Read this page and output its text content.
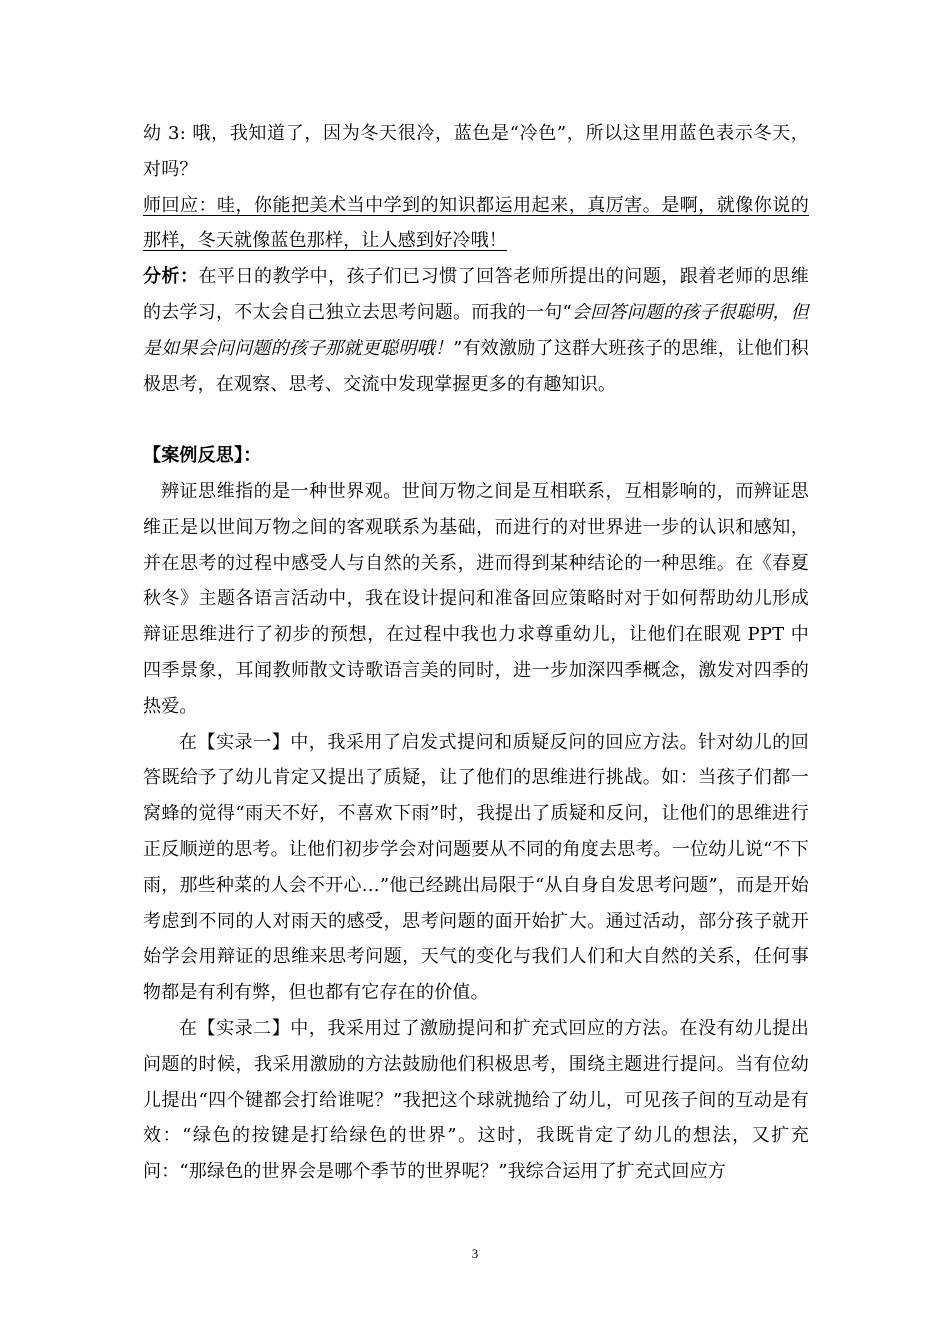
幼 3: 哦，我知道了，因为冬天很冷，蓝色是“冷色”，所以这里用蓝色表示冬天，对吗？

师回应：哇，你能把美术当中学到的知识都运用起来，真厉害。是啊，就像你说的那样，冬天就像蓝色那样，让人感到好冷哦！

分析：在平日的教学中，孩子们已习惯了回答老师所提出的问题，跟着老师的思维的去学习，不太会自己独立去思考问题。而我的一句“会回答问题的孩子很聪明，但是如果会问问题的孩子那就更聪明哦！”有效激励了这群大班孩子的思维，让他们积极思考，在观察、思考、交流中发现掌握更多的有趣知识。

【案例反思】：

辨证思维指的是一种世界观。世间万物之间是互相联系，互相影响的，而辨证思维正是以世间万物之间的客观联系为基础，而进行的对世界进一步的认识和感知，并在思考的过程中感受人与自然的关系，进而得到某种结论的一种思维。在《春夏秋冬》主题各语言活动中，我在设计提问和准备回应策略时对于如何帮助幼儿形成辩证思维进行了初步的预想，在过程中我也力求尊重幼儿，让他们在眼观 PPT 中四季景象，耳闻教师散文诗歌语言美的同时，进一步加深四季概念，激发对四季的热爱。

在【实录一】中，我采用了启发式提问和质疑反问的回应方法。针对幼儿的回答既给予了幼儿肯定又提出了质疑，让了他们的思维进行挑战。如：当孩子们都一窝蜂的觉得“雨天不好，不喜欢下雨”时，我提出了质疑和反问，让他们的思维进行正反顺逆的思考。让他们初步学会对问题要从不同的角度去思考。一位幼儿说“不下雨，那些种菜的人会不开心…”他已经跳出局限于“从自身自发思考问题”，而是开始考虑到不同的人对雨天的感受，思考问题的面开始扩大。通过活动，部分孩子就开始学会用辩证的思维来思考问题，天气的变化与我们人们和大自然的关系，任何事物都是有利有弊，但也都有它存在的价值。

在【实录二】中，我采用过了激励提问和扩充式回应的方法。在没有幼儿提出问题的时候，我采用激励的方法鼓励他们积极思考，围绕主题进行提问。当有位幼儿提出“四个键都会打给谁呢？”我把这个球就抛给了幼儿，可见孩子间的互动是有效：“绿色的按键是打给绿色的世界”。这时，我既肯定了幼儿的想法，又扩充问：“那绿色的世界会是哪个季节的世界呢？”我综合运用了扩充式回应方

3
